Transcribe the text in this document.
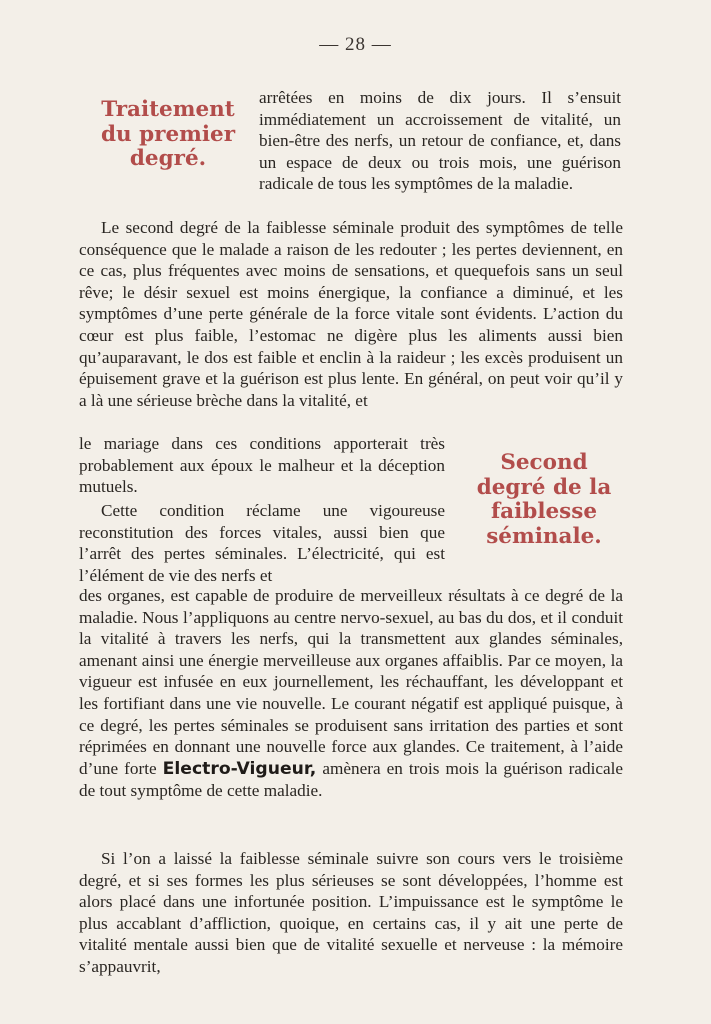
— 28 —
Traitement du premier degré.

arrêtées en moins de dix jours. Il s’ensuit immédiatement un accroissement de vitalité, un bien-être des nerfs, un retour de confiance, et, dans un espace de deux ou trois mois, une guérison radicale de tous les symptômes de la maladie.

Le second degré de la faiblesse séminale produit des symptômes de telle conséquence que le malade a raison de les redouter ; les pertes deviennent, en ce cas, plus fréquentes avec moins de sensations, et quequefois sans un seul rêve; le désir sexuel est moins énergique, la confiance a diminué, et les symptômes d’une perte générale de la force vitale sont évidents. L’action du cœur est plus faible, l’estomac ne digère plus les aliments aussi bien qu’auparavant, le dos est faible et enclin à la raideur ; les excès produisent un épuisement grave et la guérison est plus lente. En général, on peut voir qu’il y a là une sérieuse brèche dans la vitalité, et

le mariage dans ces conditions apporterait très probablement aux époux le malheur et la déception mutuels.

Second degré de la faiblesse séminale.

Cette condition réclame une vigoureuse reconstitution des forces vitales, aussi bien que l’arrêt des pertes séminales. L’électricité, qui est l’élément de vie des nerfs et

des organes, est capable de produire de merveilleux résultats à ce degré de la maladie. Nous l’appliquons au centre nervo-sexuel, au bas du dos, et il conduit la vitalité à travers les nerfs, qui la transmettent aux glandes séminales, amenant ainsi une énergie merveilleuse aux organes affaiblis. Par ce moyen, la vigueur est infusée en eux journellement, les réchauffant, les développant et les fortifiant dans une vie nouvelle. Le courant négatif est appliqué puisque, à ce degré, les pertes séminales se produisent sans irritation des parties et sont réprimées en donnant une nouvelle force aux glandes. Ce traitement, à l’aide d’une forte Electro-Vigueur, amènera en trois mois la guérison radicale de tout symptôme de cette maladie.

Si l’on a laissé la faiblesse séminale suivre son cours vers le troisième degré, et si ses formes les plus sérieuses se sont développées, l’homme est alors placé dans une infortunée position. L’impuissance est le symptôme le plus accablant d’affliction, quoique, en certains cas, il y ait une perte de vitalité mentale aussi bien que de vitalité sexuelle et nerveuse : la mémoire s’appauvrit,
